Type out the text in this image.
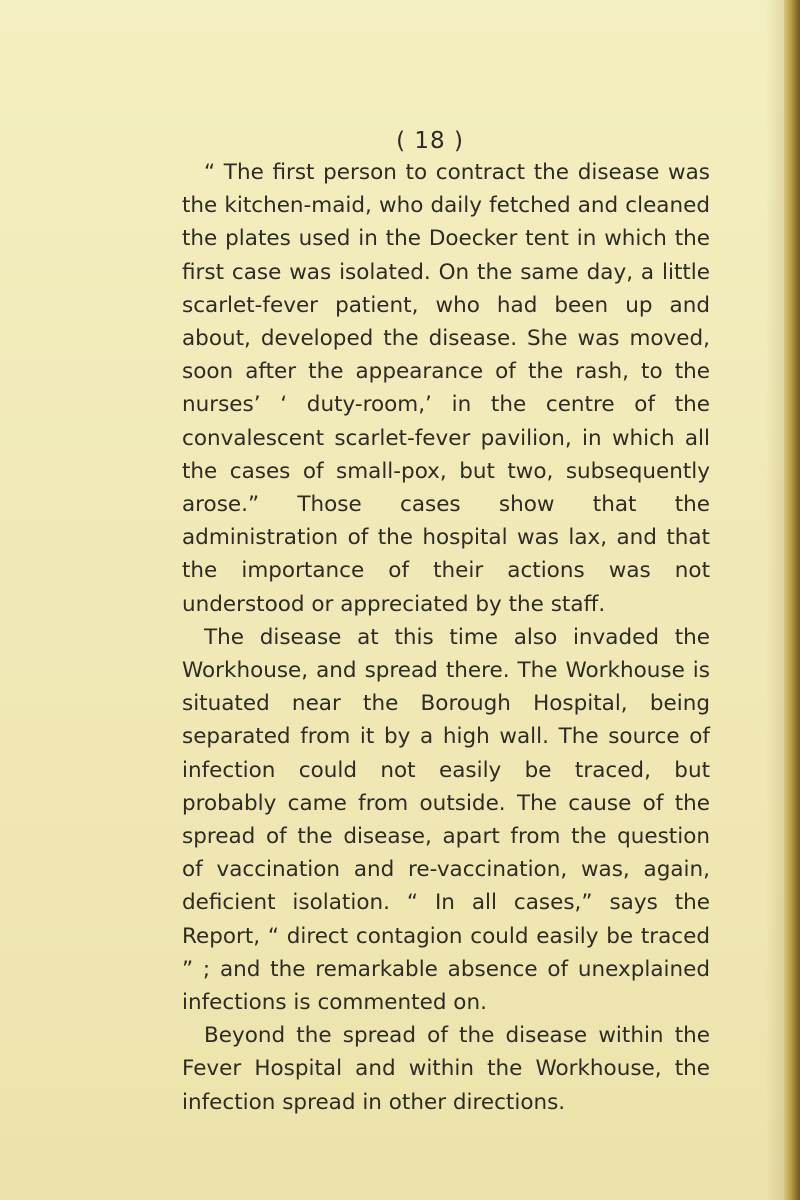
( 18 )

“ The first person to contract the disease was the kitchen-maid, who daily fetched and cleaned the plates used in the Doecker tent in which the first case was isolated. On the same day, a little scarlet-fever patient, who had been up and about, developed the disease. She was moved, soon after the appearance of the rash, to the nurses’ ‘ duty-room,’ in the centre of the convalescent scarlet-fever pavilion, in which all the cases of small-pox, but two, subsequently arose.” Those cases show that the administration of the hospital was lax, and that the importance of their actions was not understood or appreciated by the staff.

The disease at this time also invaded the Workhouse, and spread there. The Workhouse is situated near the Borough Hospital, being separated from it by a high wall. The source of infection could not easily be traced, but probably came from outside. The cause of the spread of the disease, apart from the question of vaccination and re-vaccination, was, again, deficient isolation. “ In all cases,” says the Report, “ direct contagion could easily be traced ” ; and the remarkable absence of unexplained infections is commented on.

Beyond the spread of the disease within the Fever Hospital and within the Workhouse, the infection spread in other directions.
